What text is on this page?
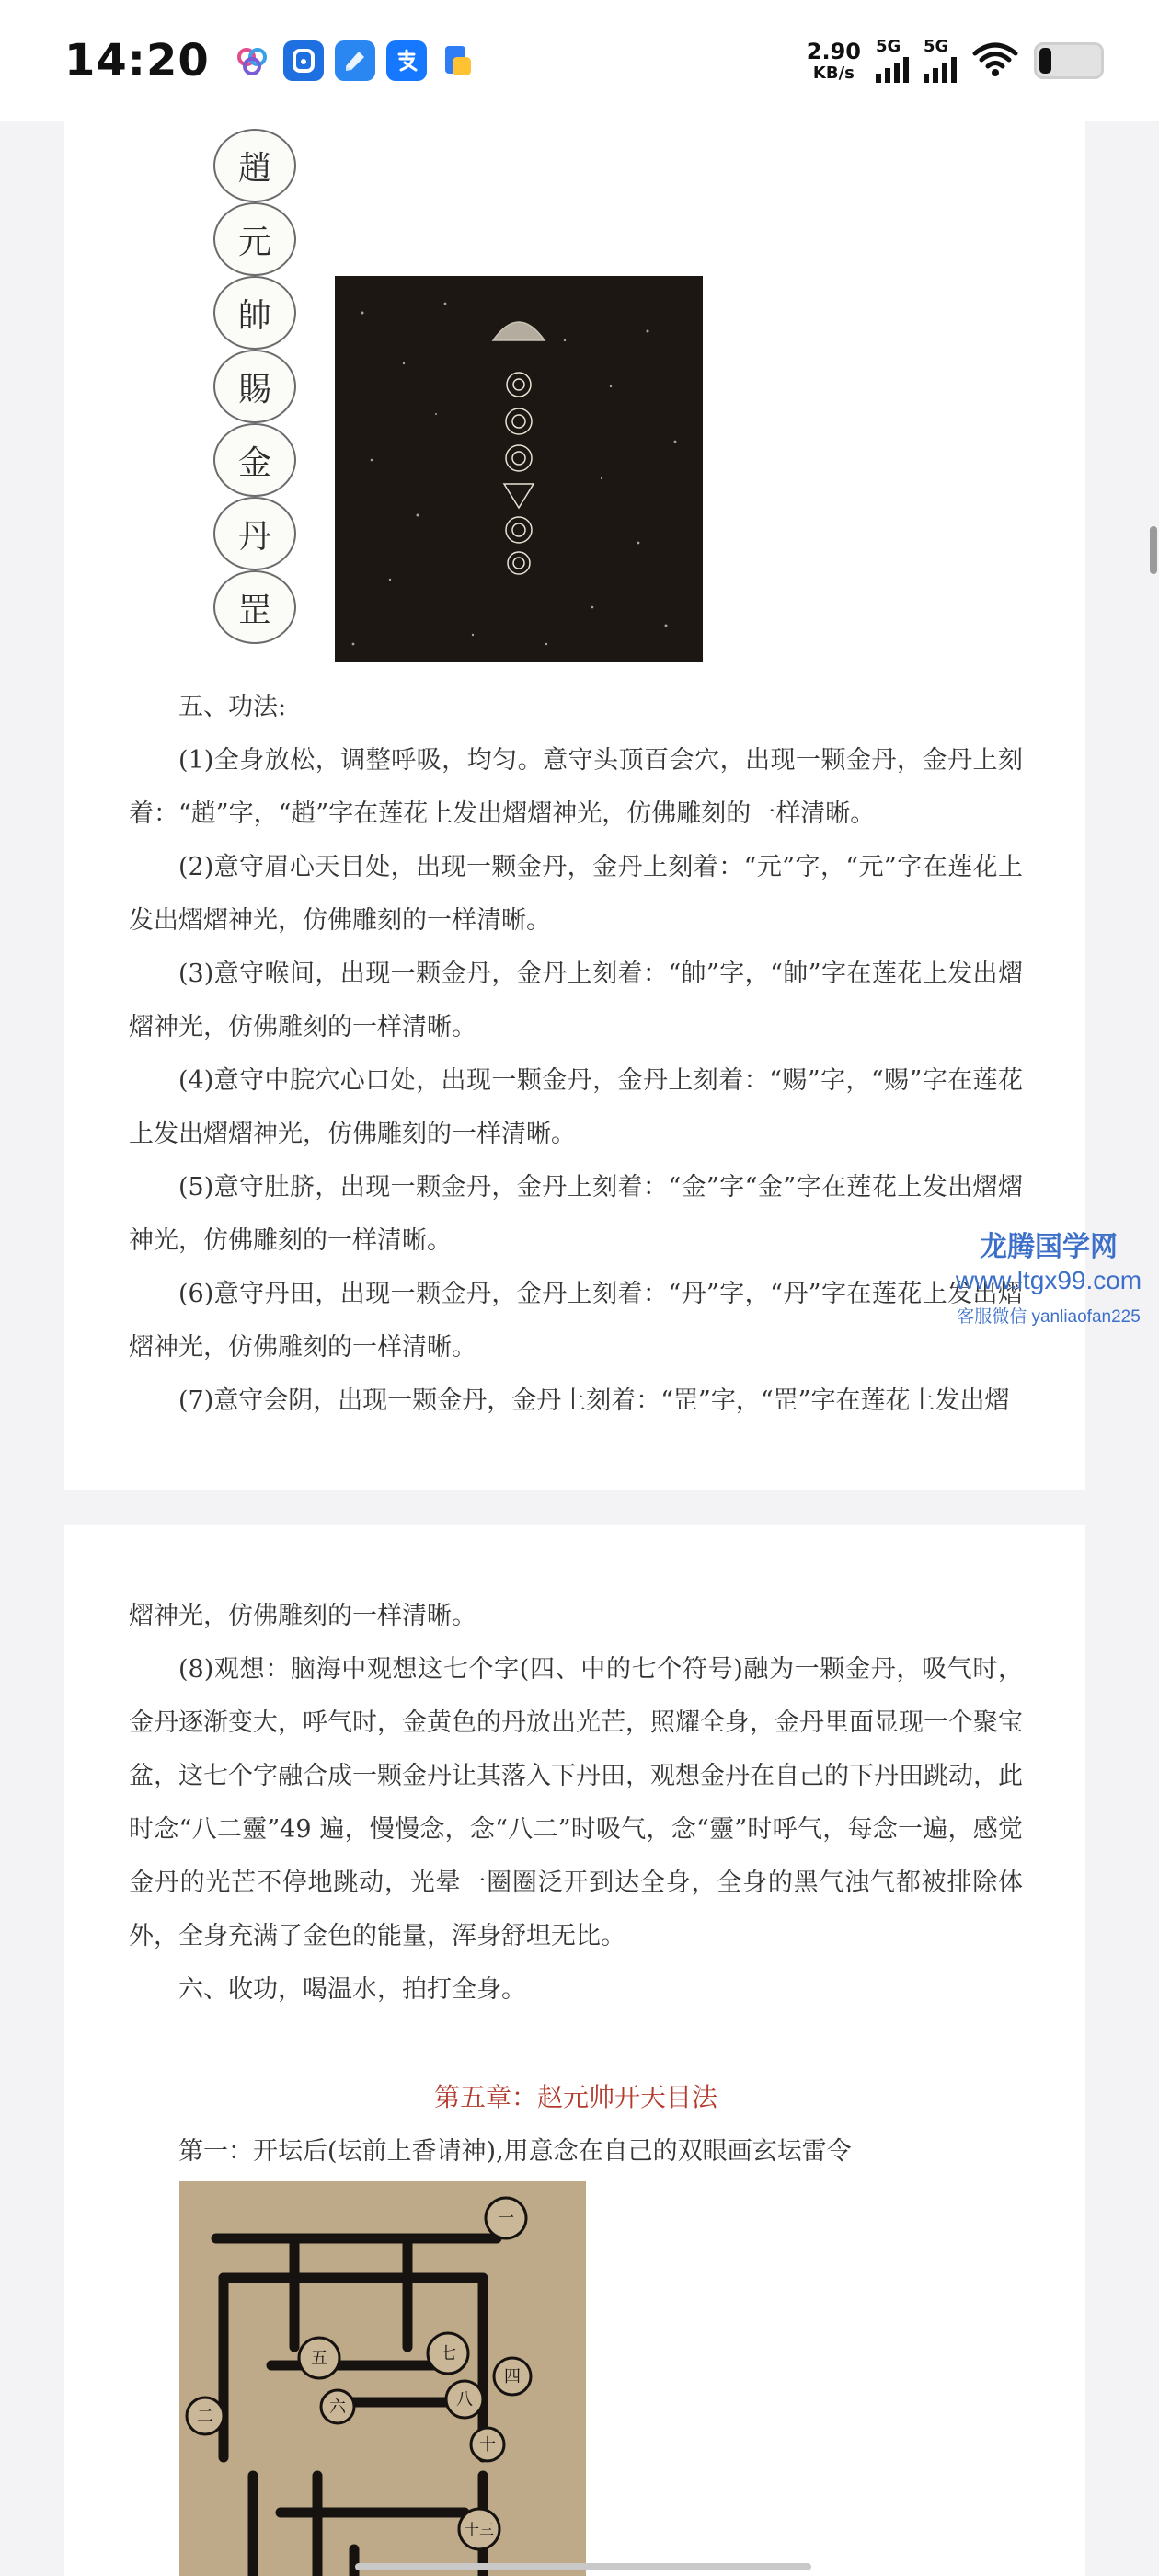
14:20	2.90
KB/s
5G 5G
趙
元
帥
賜
金
丹
罡

五、功法:

(1)全身放松，调整呼吸，均匀。意守头顶百会穴，出现一颗金丹，金丹上刻着：“趙”字，“趙”字在莲花上发出熠熠神光，仿佛雕刻的一样清晰。

(2)意守眉心天目处，出现一颗金丹，金丹上刻着：“元”字，“元”字在莲花上发出熠熠神光，仿佛雕刻的一样清晰。

(3)意守喉间，出现一颗金丹，金丹上刻着：“帥”字，“帥”字在莲花上发出熠熠神光，仿佛雕刻的一样清晰。

(4)意守中脘穴心口处，出现一颗金丹，金丹上刻着：“赐”字，“赐”字在莲花上发出熠熠神光，仿佛雕刻的一样清晰。

(5)意守肚脐，出现一颗金丹，金丹上刻着：“金”字“金”字在莲花上发出熠熠神光，仿佛雕刻的一样清晰。

(6)意守丹田，出现一颗金丹，金丹上刻着：“丹”字，“丹”字在莲花上发出熠熠神光，仿佛雕刻的一样清晰。

(7)意守会阴，出现一颗金丹，金丹上刻着：“罡”字，“罡”字在莲花上发出熠

熠神光，仿佛雕刻的一样清晰。

(8)观想：脑海中观想这七个字(四、中的七个符号)融为一颗金丹，吸气时，金丹逐渐变大，呼气时，金黄色的丹放出光芒，照耀全身，金丹里面显现一个聚宝盆，这七个字融合成一颗金丹让其落入下丹田，观想金丹在自己的下丹田跳动，此时念“八二靈”49 遍，慢慢念，念“八二”时吸气，念“靈”时呼气，每念一遍，感觉金丹的光芒不停地跳动，光晕一圈圈泛开到达全身，全身的黑气浊气都被排除体外，全身充满了金色的能量，浑身舒坦无比。

六、收功，喝温水，拍打全身。

第五章：赵元帅开天目法

第一：开坛后(坛前上香请神),用意念在自己的双眼画玄坛雷令

一
五	七
八
四
六
二
十
十三
龙腾国学网
www.ltgx99.com
客服微信 yanliaofan225
